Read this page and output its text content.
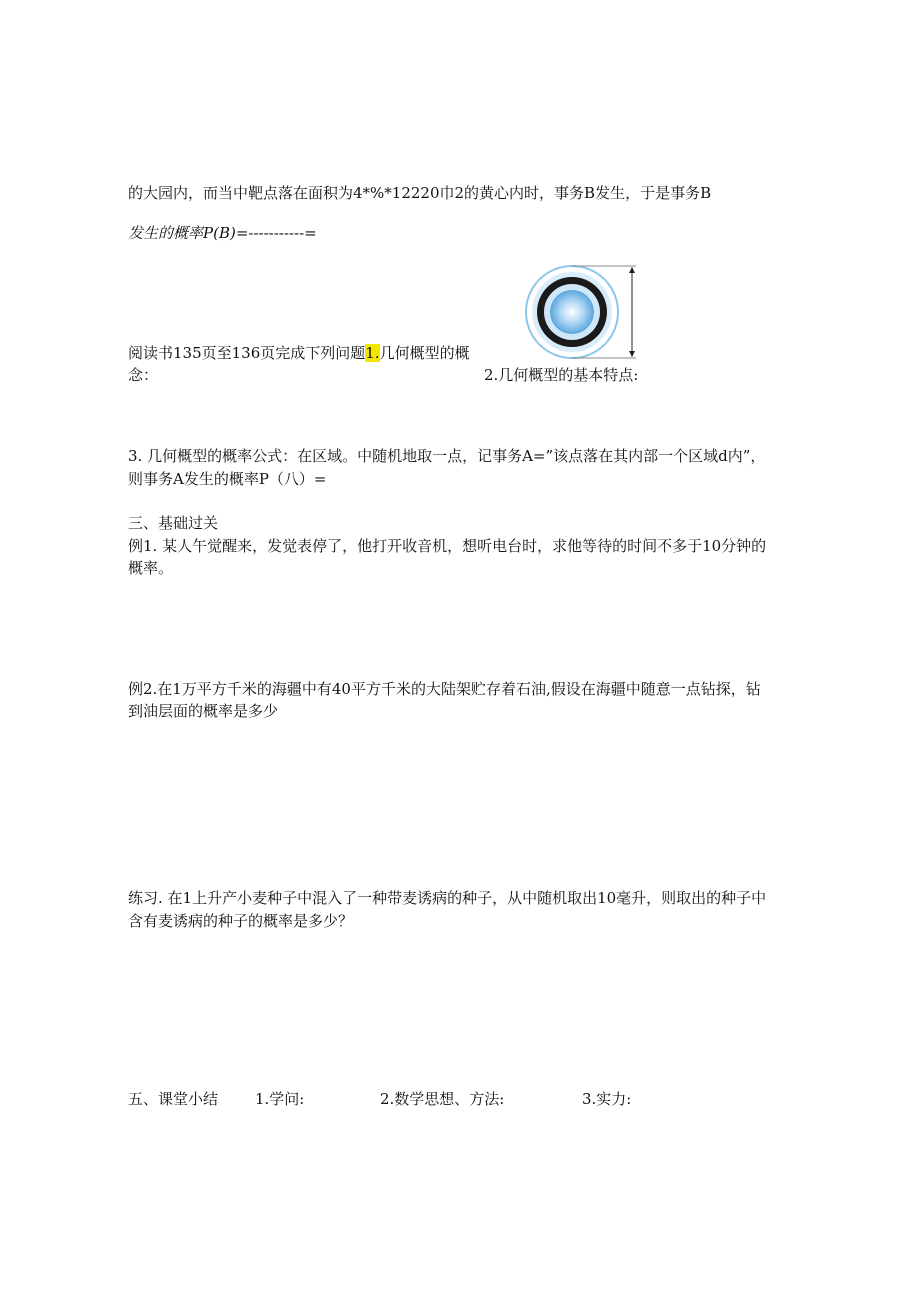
的大园内，而当中靶点落在面积为4*%*12220巾2的黄心内时，事务B发生，于是事务B
发生的概率P(B)=-----------=
阅读书135页至136页完成下列问题1.几何概型的概
念：	2.几何概型的基本特点:
3. 几何概型的概率公式：在区域。中随机地取一点，记事务A=”该点落在其内部一个区域d内”，
则事务A发生的概率P（八）=
三、基础过关
例1. 某人午觉醒来，发觉表停了，他打开收音机，想听电台时，求他等待的时间不多于10分钟的
概率。
例2.在1万平方千米的海疆中有40平方千米的大陆架贮存着石油,假设在海疆中随意一点钻探，钻
到油层面的概率是多少
练习. 在1上升产小麦种子中混入了一种带麦诱病的种子，从中随机取出10毫升，则取出的种子中
含有麦诱病的种子的概率是多少？
五、课堂小结 1.学问:	2.数学思想、方法:	3.实力:
